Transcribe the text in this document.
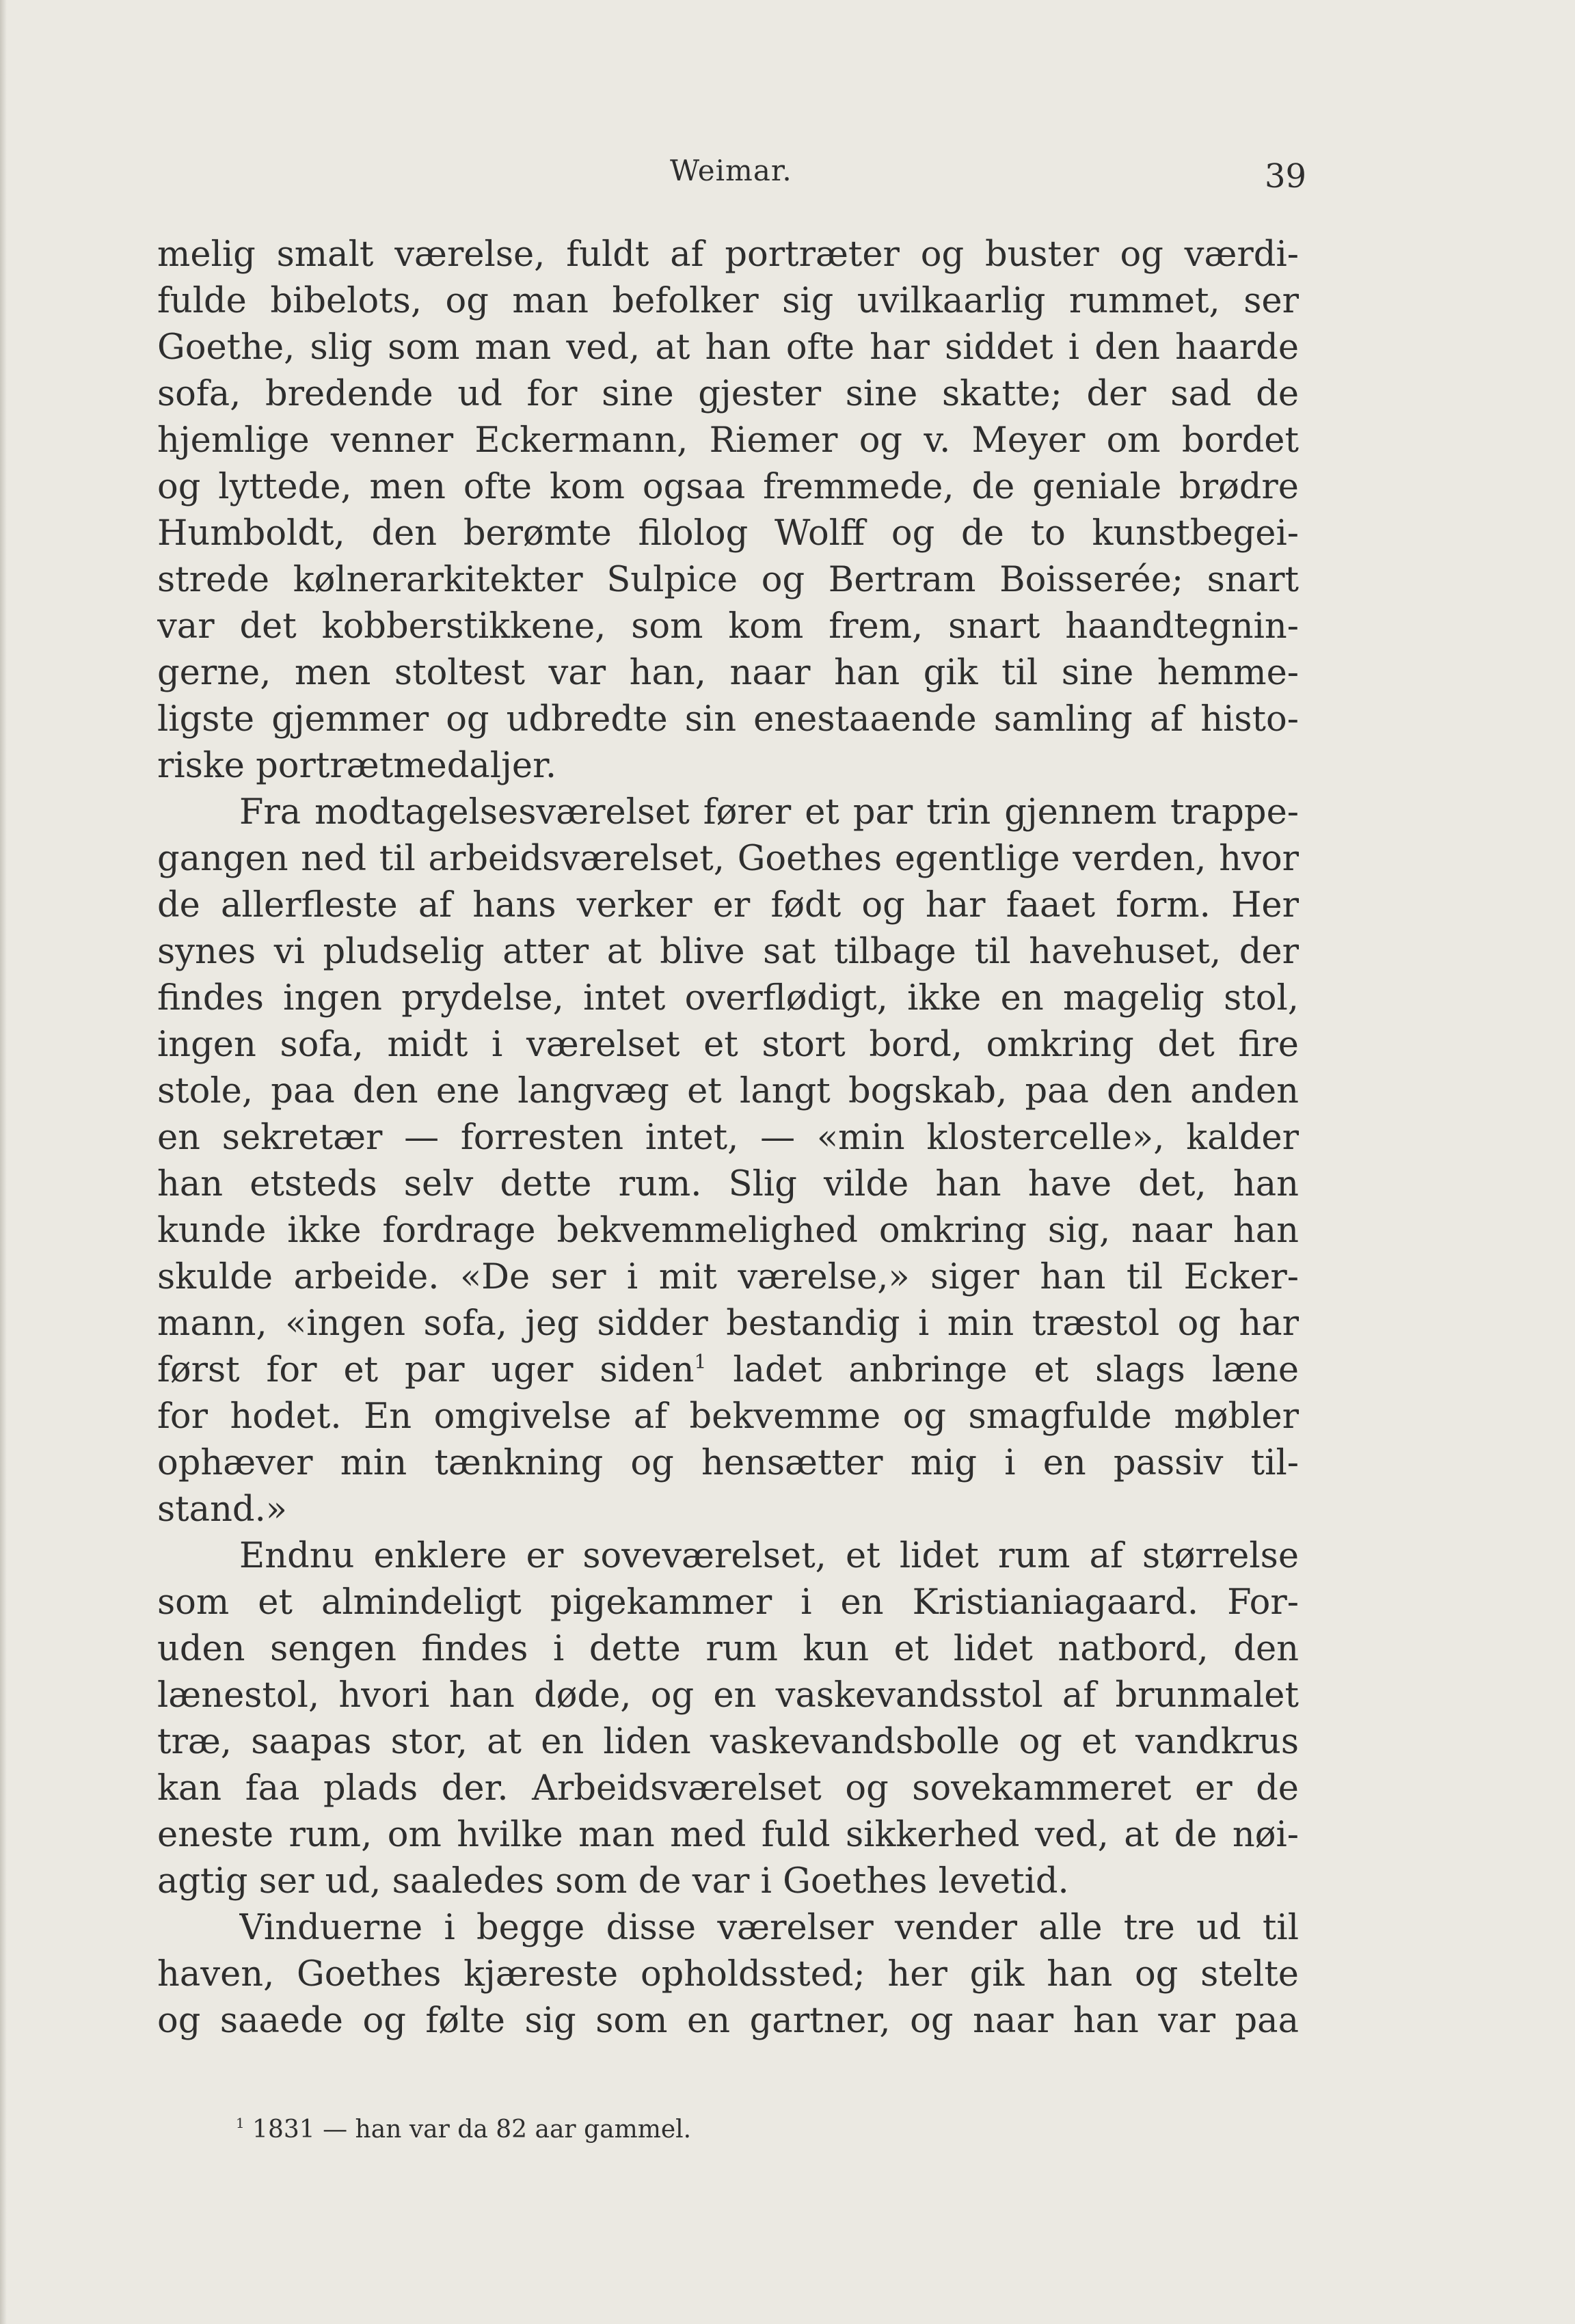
Weimar.	39
melig smalt værelse, fuldt af portræter og buster og værdi-
fulde bibelots, og man befolker sig uvilkaarlig rummet, ser
Goethe, slig som man ved, at han ofte har siddet i den haarde
sofa, bredende ud for sine gjester sine skatte; der sad de
hjemlige venner Eckermann, Riemer og v. Meyer om bordet
og lyttede, men ofte kom ogsaa fremmede, de geniale brødre
Humboldt, den berømte filolog Wolff og de to kunstbegei-
strede kølnerarkitekter Sulpice og Bertram Boisserée; snart
var det kobberstikkene, som kom frem, snart haandtegnin-
gerne, men stoltest var han, naar han gik til sine hemme-
ligste gjemmer og udbredte sin enestaaende samling af histo-
riske portrætmedaljer.
Fra modtagelsesværelset fører et par trin gjennem trappe-
gangen ned til arbeidsværelset, Goethes egentlige verden, hvor
de allerfleste af hans verker er født og har faaet form. Her
synes vi pludselig atter at blive sat tilbage til havehuset, der
findes ingen prydelse, intet overflødigt, ikke en magelig stol,
ingen sofa, midt i værelset et stort bord, omkring det fire
stole, paa den ene langvæg et langt bogskab, paa den anden
en sekretær — forresten intet, — «min klostercelle», kalder
han etsteds selv dette rum. Slig vilde han have det, han
kunde ikke fordrage bekvemmelighed omkring sig, naar han
skulde arbeide. «De ser i mit værelse,» siger han til Ecker-
mann, «ingen sofa, jeg sidder bestandig i min træstol og har
først for et par uger siden$^1$ ladet anbringe et slags læne
for hodet. En omgivelse af bekvemme og smagfulde møbler
ophæver min tænkning og hensætter mig i en passiv til-
stand.»
Endnu enklere er soveværelset, et lidet rum af størrelse
som et almindeligt pigekammer i en Kristianiagaard. For-
uden sengen findes i dette rum kun et lidet natbord, den
lænestol, hvori han døde, og en vaskevandsstol af brunmalet
træ, saapas stor, at en liden vaskevandsbolle og et vandkrus
kan faa plads der. Arbeidsværelset og sovekammeret er de
eneste rum, om hvilke man med fuld sikkerhed ved, at de nøi-
agtig ser ud, saaledes som de var i Goethes levetid.
Vinduerne i begge disse værelser vender alle tre ud til
haven, Goethes kjæreste opholdssted; her gik han og stelte
og saaede og følte sig som en gartner, og naar han var paa
$^1$ 1831 — han var da 82 aar gammel.
